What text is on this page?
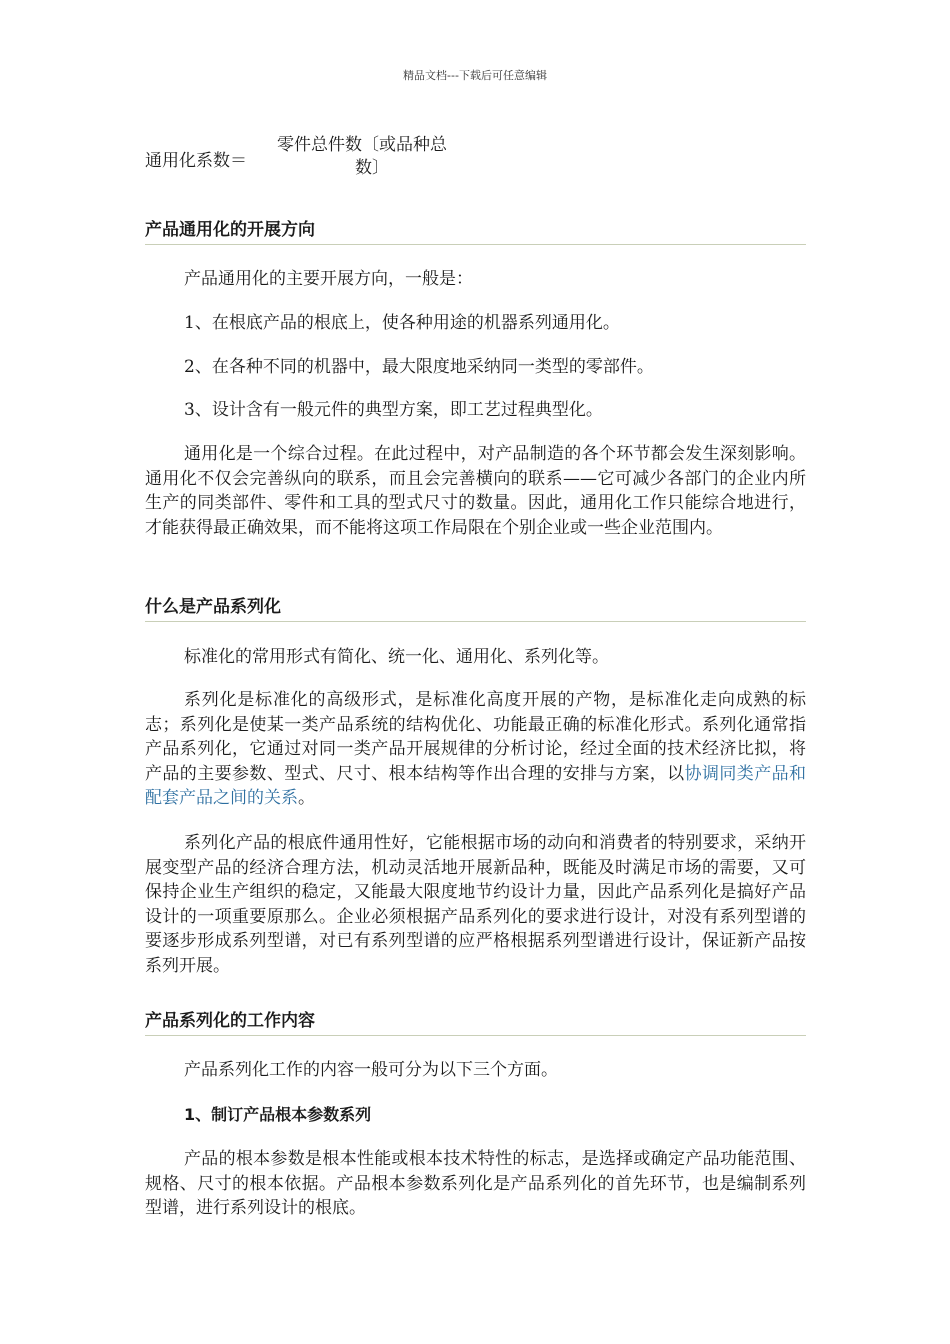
精品文档---下载后可任意编辑
通用化系数＝
零件总件数〔或品种总
数〕
产品通用化的开展方向

产品通用化的主要开展方向，一般是：

1、在根底产品的根底上，使各种用途的机器系列通用化。

2、在各种不同的机器中，最大限度地采纳同一类型的零部件。

3、设计含有一般元件的典型方案，即工艺过程典型化。

通用化是一个综合过程。在此过程中，对产品制造的各个环节都会发生深刻影响。通用化不仅会完善纵向的联系，而且会完善横向的联系——它可减少各部门的企业内所生产的同类部件、零件和工具的型式尺寸的数量。因此，通用化工作只能综合地进行，才能获得最正确效果，而不能将这项工作局限在个别企业或一些企业范围内。

什么是产品系列化

标准化的常用形式有简化、统一化、通用化、系列化等。

系列化是标准化的高级形式，是标准化高度开展的产物，是标准化走向成熟的标志；系列化是使某一类产品系统的结构优化、功能最正确的标准化形式。系列化通常指产品系列化，它通过对同一类产品开展规律的分析讨论，经过全面的技术经济比拟，将产品的主要参数、型式、尺寸、根本结构等作出合理的安排与方案，以协调同类产品和配套产品之间的关系。

系列化产品的根底件通用性好，它能根据市场的动向和消费者的特别要求，采纳开展变型产品的经济合理方法，机动灵活地开展新品种，既能及时满足市场的需要，又可保持企业生产组织的稳定，又能最大限度地节约设计力量，因此产品系列化是搞好产品设计的一项重要原那么。企业必须根据产品系列化的要求进行设计，对没有系列型谱的要逐步形成系列型谱，对已有系列型谱的应严格根据系列型谱进行设计，保证新产品按系列开展。

产品系列化的工作内容

产品系列化工作的内容一般可分为以下三个方面。

1、制订产品根本参数系列

产品的根本参数是根本性能或根本技术特性的标志，是选择或确定产品功能范围、规格、尺寸的根本依据。产品根本参数系列化是产品系列化的首先环节，也是编制系列型谱，进行系列设计的根底。
